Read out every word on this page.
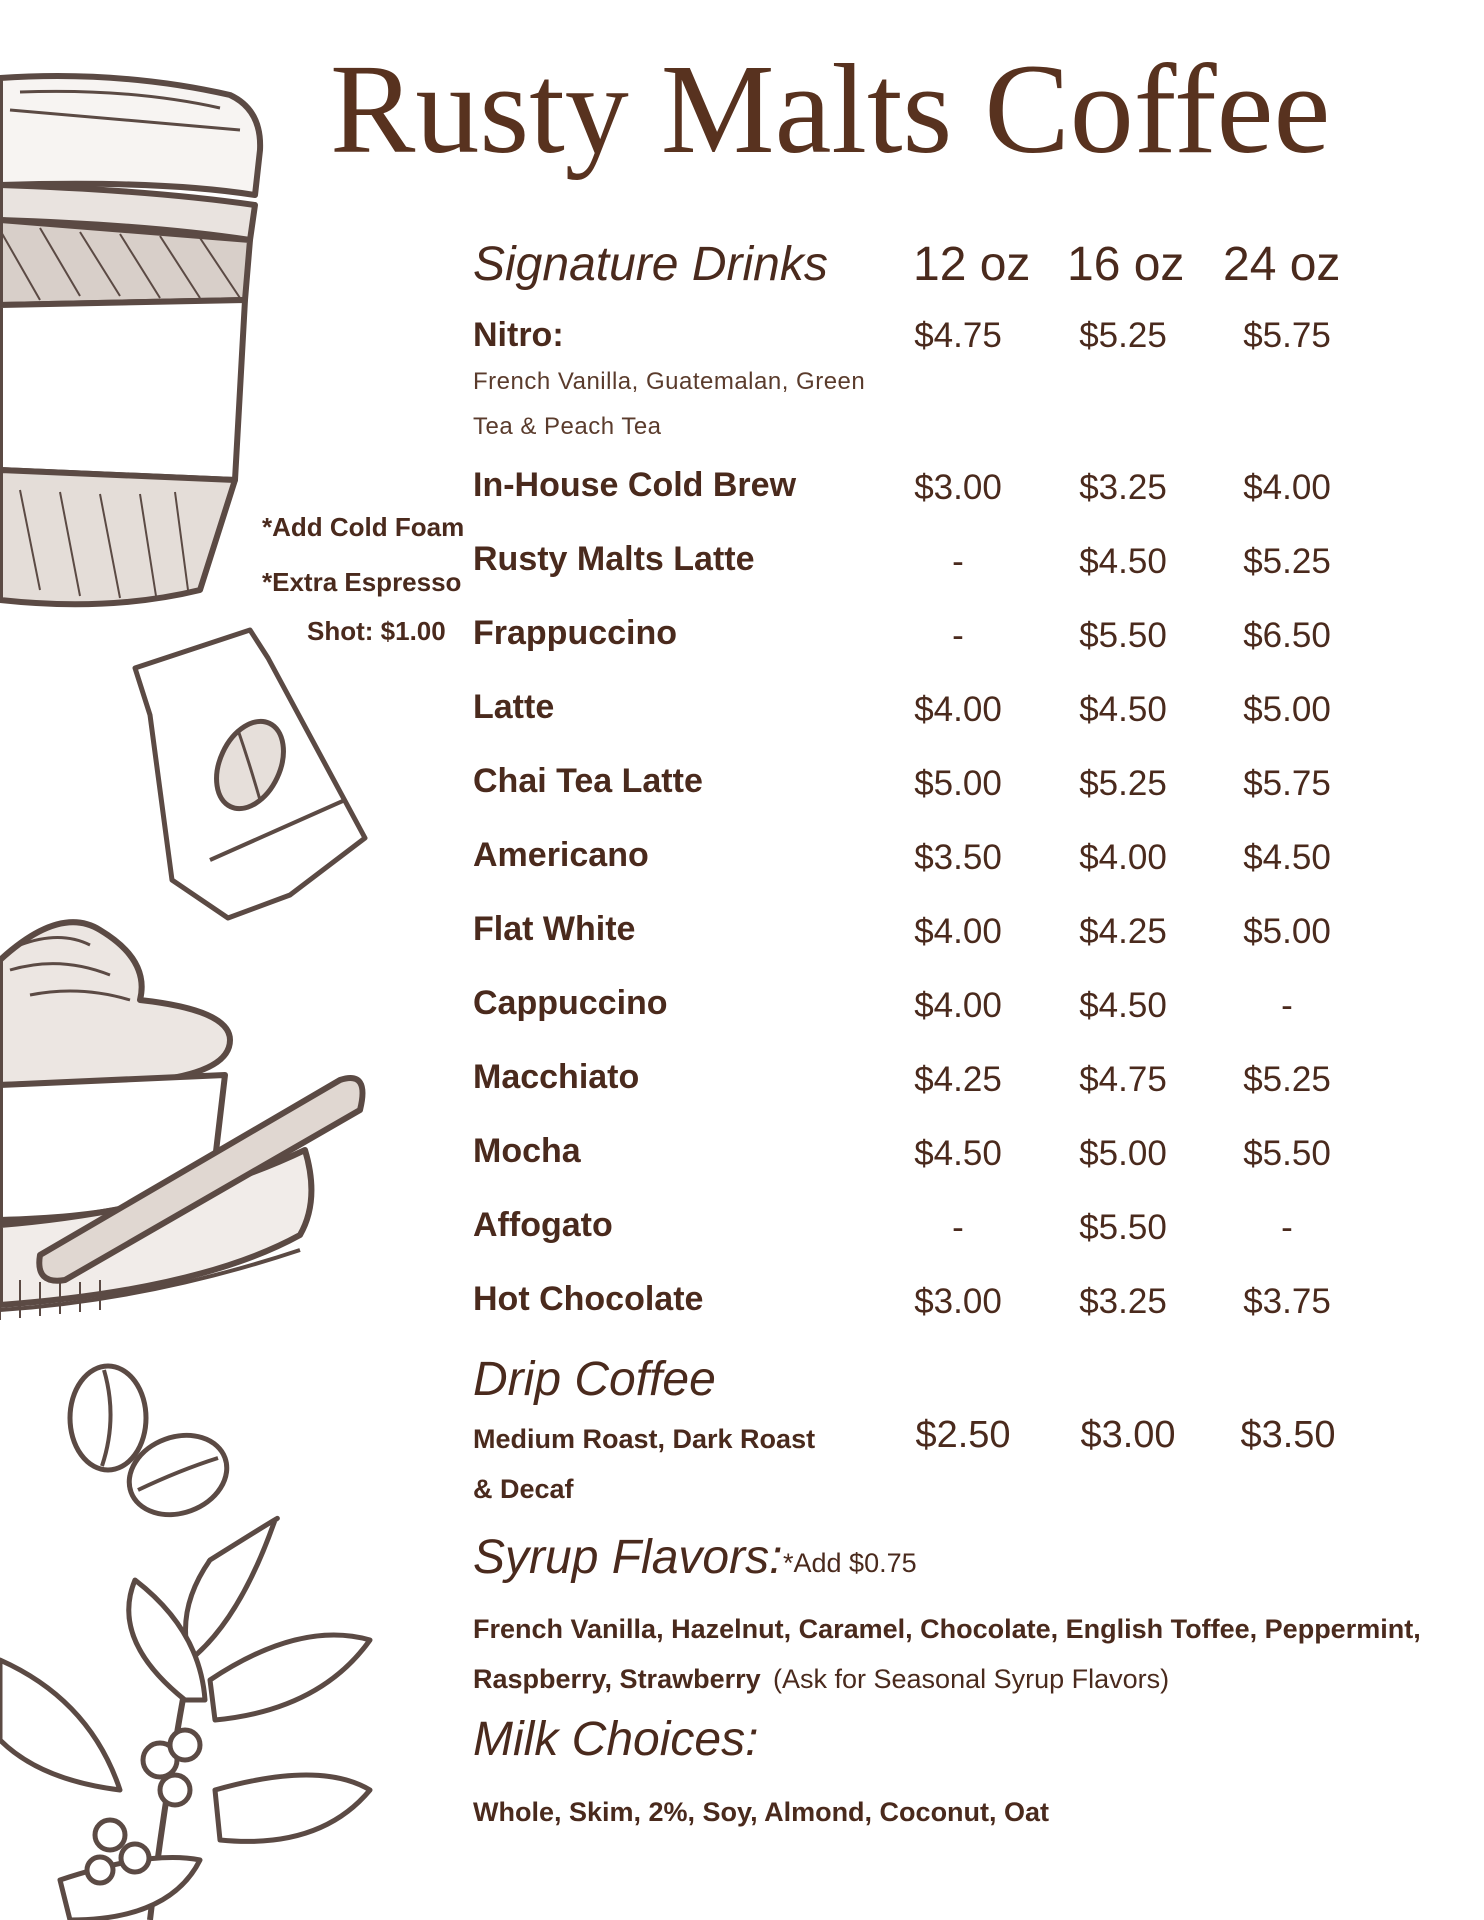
Rusty Malts Coffee
Signature Drinks 12 oz 16 oz 24 oz
*Add Cold Foam
*Extra Espresso
Shot: $1.00
Nitro:
French Vanilla, Guatemalan, Green
Tea & Peach Tea
$4.75	$5.25	$5.75
In-House Cold Brew	$3.00	$3.25	$4.00
Rusty Malts Latte	-	$4.50	$5.25
Frappuccino	-	$5.50	$6.50
Latte	$4.00	$4.50	$5.00
Chai Tea Latte	$5.00	$5.25	$5.75
Americano	$3.50	$4.00	$4.50
Flat White	$4.00	$4.25	$5.00
Cappuccino	$4.00	$4.50	-
Macchiato	$4.25	$4.75	$5.25
Mocha	$4.50	$5.00	$5.50
Affogato	-	$5.50	-
Hot Chocolate	$3.00	$3.25	$3.75
Drip Coffee
Medium Roast, Dark Roast
& Decaf
$2.50	$3.00	$3.50
Syrup Flavors: *Add $0.75
French Vanilla, Hazelnut, Caramel, Chocolate, English Toffee, Peppermint,
Raspberry, Strawberry (Ask for Seasonal Syrup Flavors)
Milk Choices:
Whole, Skim, 2%, Soy, Almond, Coconut, Oat
